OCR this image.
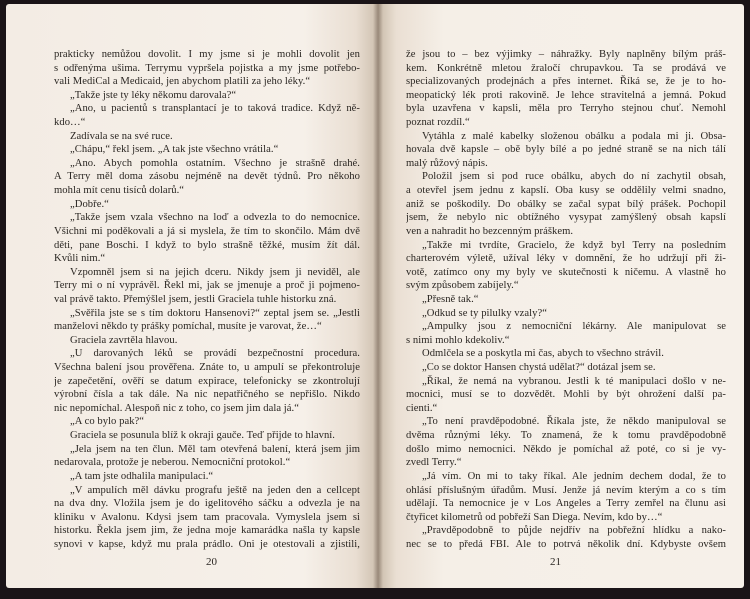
prakticky nemůžou dovolit. I my jsme si je mohli dovolit jen
s odřenýma ušima. Terrymu vypršela pojistka a my jsme potřebo-
vali MediCal a Medicaid, jen abychom platili za jeho léky.“
„Takže jste ty léky někomu darovala?“
„Ano, u pacientů s transplantací je to taková tradice. Když ně-
kdo…“
Zadívala se na své ruce.
„Chápu,“ řekl jsem. „A tak jste všechno vrátila.“
„Ano. Abych pomohla ostatním. Všechno je strašně drahé.
A Terry měl doma zásobu nejméně na devět týdnů. Pro někoho
mohla mít cenu tisíců dolarů.“
„Dobře.“
„Takže jsem vzala všechno na loď a odvezla to do nemocnice.
Všichni mi poděkovali a já si myslela, že tím to skončilo. Mám dvě
děti, pane Boschi. I když to bylo strašně těžké, musím žít dál.
Kvůli nim.“
Vzpomněl jsem si na jejich dceru. Nikdy jsem ji neviděl, ale
Terry mi o ní vyprávěl. Řekl mi, jak se jmenuje a proč ji pojmeno-
val právě takto. Přemýšlel jsem, jestli Graciela tuhle historku zná.
„Svěřila jste se s tím doktoru Hansenovi?“ zeptal jsem se. „Jestli
manželovi někdo ty prášky pomíchal, musíte je varovat, že…“
Graciela zavrtěla hlavou.
„U darovaných léků se provádí bezpečnostní procedura.
Všechna balení jsou prověřena. Znáte to, u ampulí se překontroluje
je zapečetění, ověří se datum expirace, telefonicky se zkontrolují
výrobní čísla a tak dále. Na nic nepatřičného se nepřišlo. Nikdo
nic nepomíchal. Alespoň nic z toho, co jsem jim dala já.“
„A co bylo pak?“
Graciela se posunula blíž k okraji gauče. Teď přijde to hlavní.
„Jela jsem na ten člun. Měl tam otevřená balení, která jsem jim
nedarovala, protože je neberou. Nemocniční protokol.“
„A tam jste odhalila manipulaci.“
„V ampulích měl dávku prografu ještě na jeden den a cellcept
na dva dny. Vložila jsem je do igelitového sáčku a odvezla je na
kliniku v Avalonu. Kdysi jsem tam pracovala. Vymyslela jsem si
historku. Řekla jsem jim, že jedna moje kamarádka našla ty kapsle
synovi v kapse, když mu prala prádlo. Oni je otestovali a zjistili,
20
že jsou to – bez výjimky – náhražky. Byly naplněny bílým práš-
kem. Konkrétně mletou žraločí chrupavkou. Ta se prodává ve
specializovaných prodejnách a přes internet. Říká se, že je to ho-
meopatický lék proti rakovině. Je lehce stravitelná a jemná. Pokud
byla uzavřena v kapsli, měla pro Terryho stejnou chuť. Nemohl
poznat rozdíl.“
Vytáhla z malé kabelky složenou obálku a podala mi ji. Obsa-
hovala dvě kapsle – obě byly bílé a po jedné straně se na nich tálí
malý růžový nápis.
Položil jsem si pod ruce obálku, abych do ní zachytil obsah,
a otevřel jsem jednu z kapslí. Oba kusy se oddělily velmi snadno,
aniž se poškodily. Do obálky se začal sypat bílý prášek. Pochopil
jsem, že nebylo nic obtížného vysypat zamýšlený obsah kapslí
ven a nahradit ho bezcenným práškem.
„Takže mi tvrdíte, Gracielo, že když byl Terry na posledním
charterovém výletě, užíval léky v domnění, že ho udržují při ži-
votě, zatímco ony my byly ve skutečnosti k ničemu. A vlastně ho
svým způsobem zabíjely.“
„Přesně tak.“
„Odkud se ty pilulky vzaly?“
„Ampulky jsou z nemocniční lékárny. Ale manipulovat se
s nimi mohlo kdekoliv.“
Odmlčela se a poskytla mi čas, abych to všechno strávil.
„Co se doktor Hansen chystá udělat?“ dotázal jsem se.
„Říkal, že nemá na vybranou. Jestli k té manipulaci došlo v ne-
mocnici, musí se to dozvědět. Mohli by být ohrožení další pa-
cienti.“
„To není pravděpodobné. Říkala jste, že někdo manipuloval se
dvěma různými léky. To znamená, že k tomu pravděpodobně
došlo mimo nemocnici. Někdo je pomíchal až poté, co si je vy-
zvedl Terry.“
„Já vím. On mi to taky říkal. Ale jedním dechem dodal, že to
ohlásí příslušným úřadům. Musí. Jenže já nevím kterým a co s tím
udělají. Ta nemocnice je v Los Angeles a Terry zemřel na člunu asi
čtyřicet kilometrů od pobřeží San Diega. Nevím, kdo by…“
„Pravděpodobně to půjde nejdřív na pobřežní hlídku a nako-
nec se to předá FBI. Ale to potrvá několik dní. Kdybyste ovšem
21
